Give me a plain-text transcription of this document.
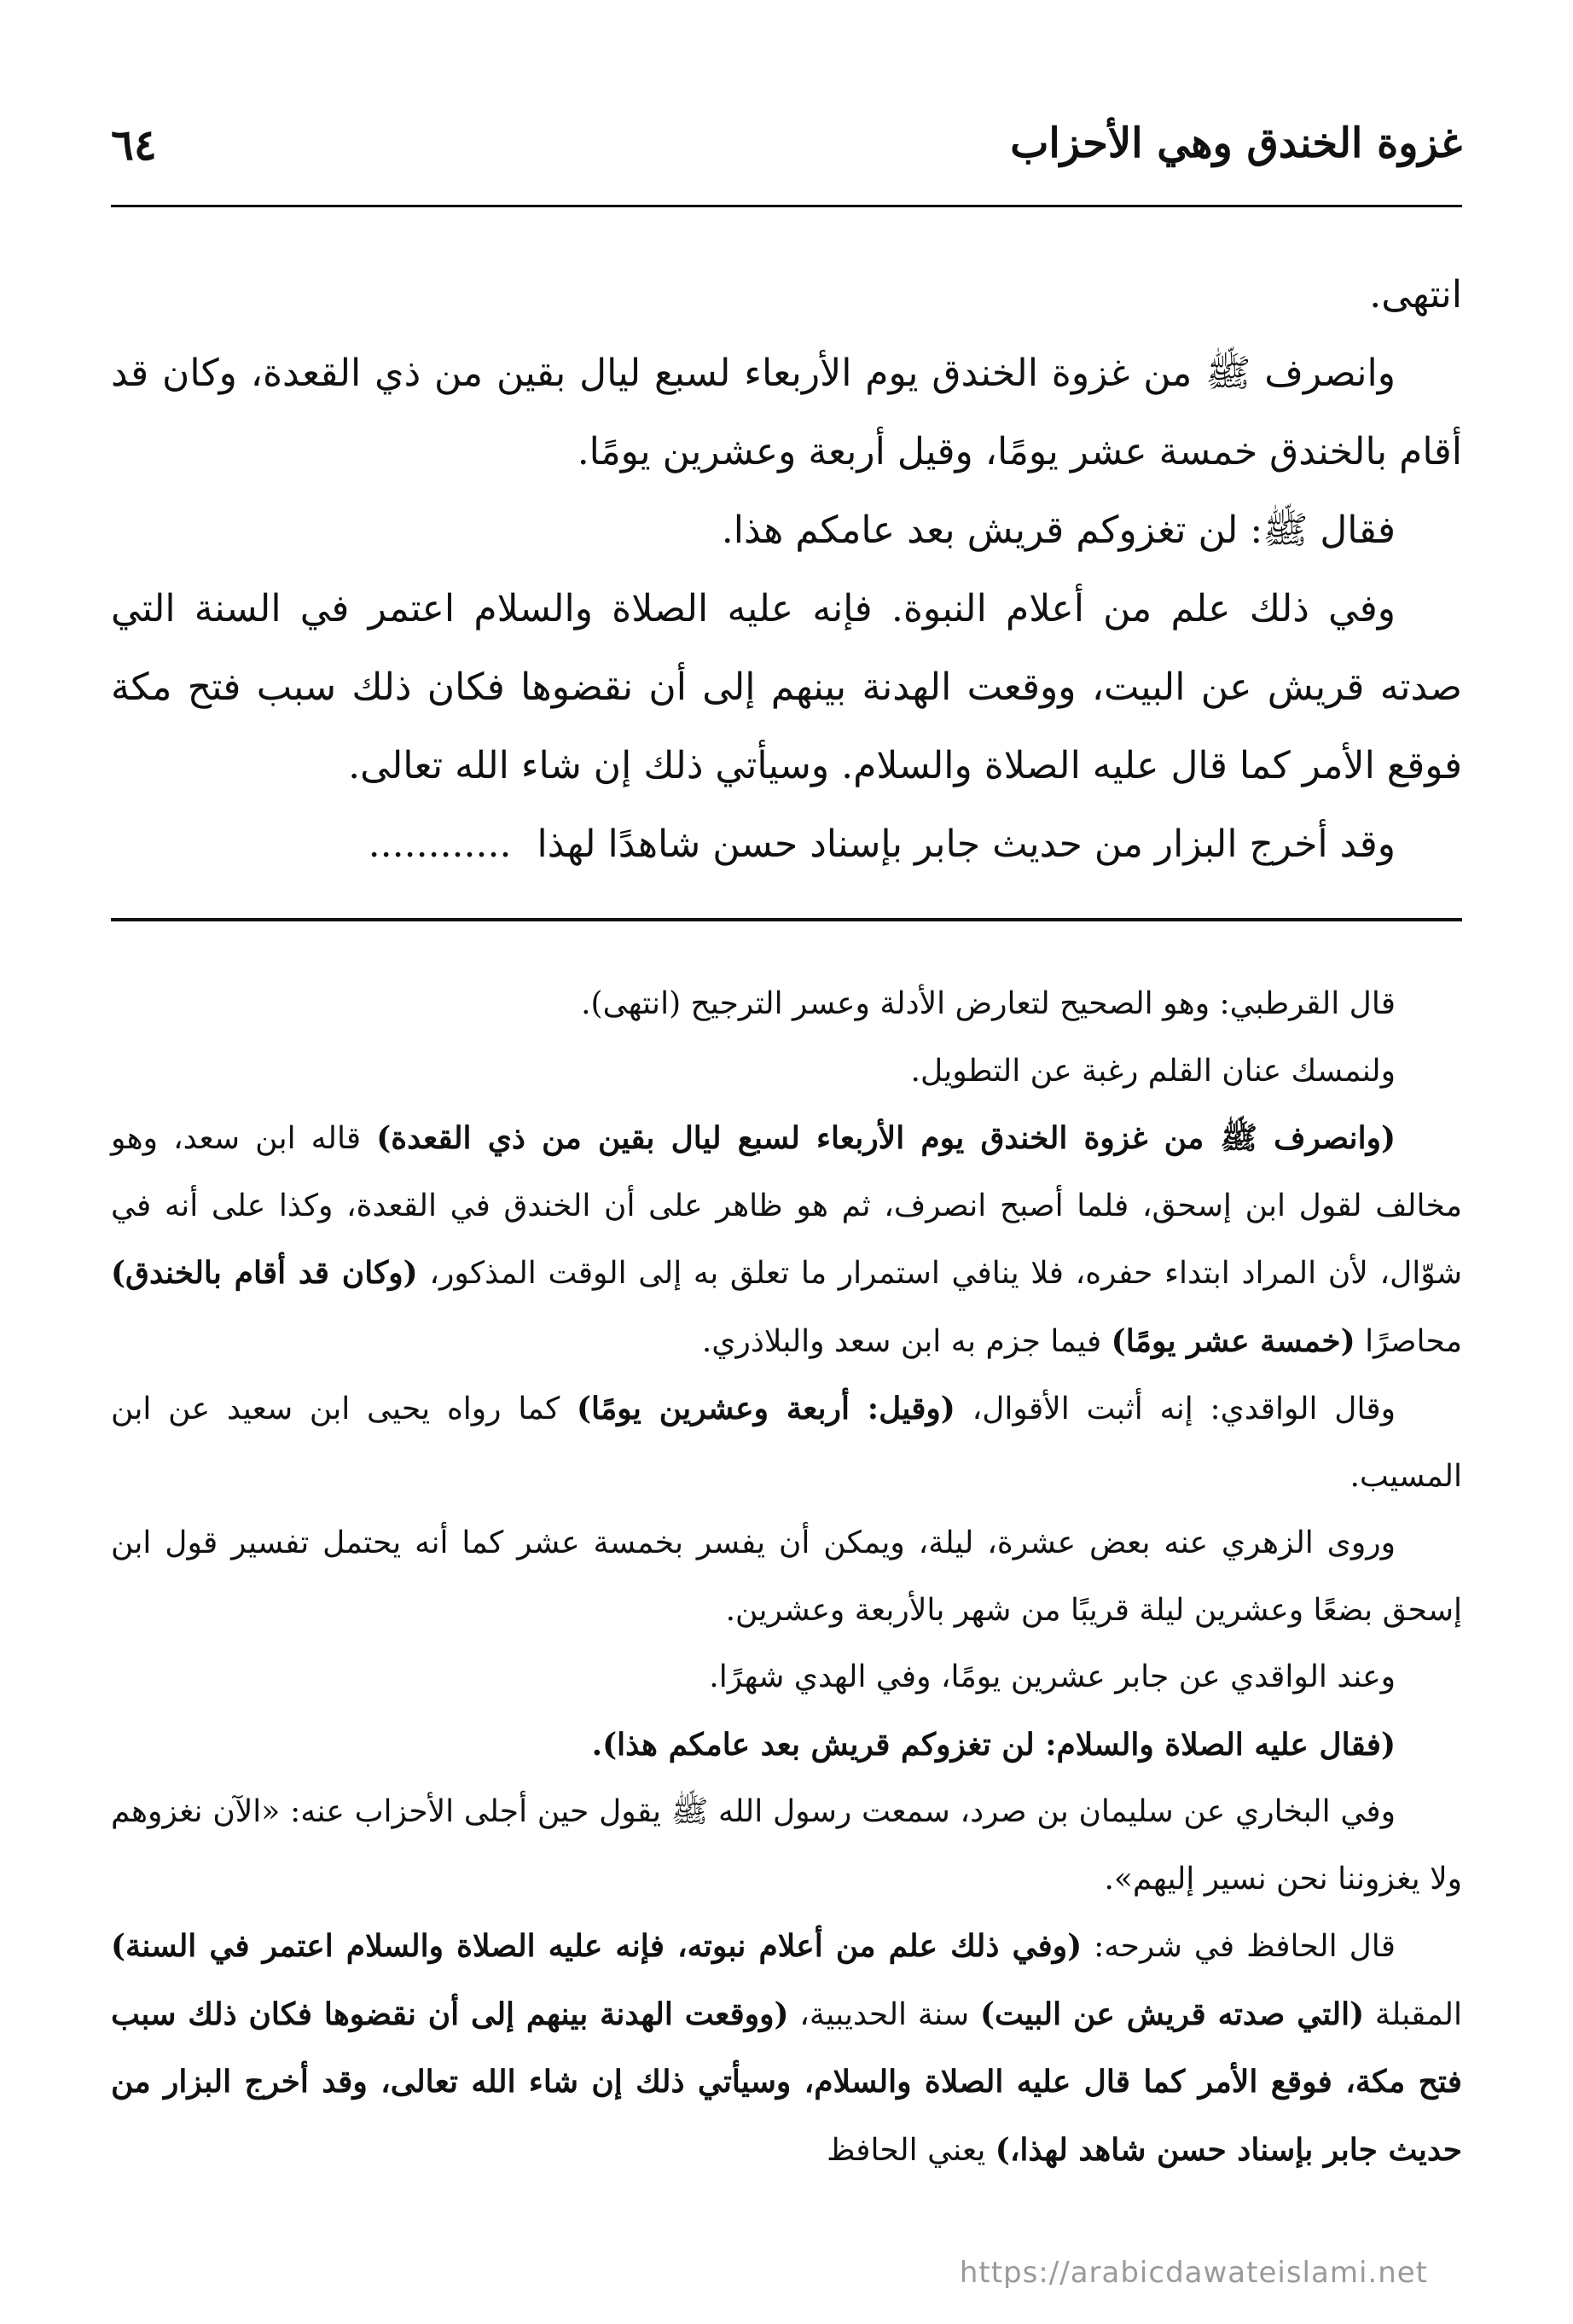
غزوة الخندق وهي الأحزاب
٦٤

انتهى.

وانصرف ﷺ من غزوة الخندق يوم الأربعاء لسبع ليال بقين من ذي القعدة، وكان قد أقام بالخندق خمسة عشر يومًا، وقيل أربعة وعشرين يومًا.

فقال ﷺ: لن تغزوكم قريش بعد عامكم هذا.

وفي ذلك علم من أعلام النبوة. فإنه عليه الصلاة والسلام اعتمر في السنة التي صدته قريش عن البيت، ووقعت الهدنة بينهم إلى أن نقضوها فكان ذلك سبب فتح مكة فوقع الأمر كما قال عليه الصلاة والسلام. وسيأتي ذلك إن شاء الله تعالى.

وقد أخرج البزار من حديث جابر بإسناد حسن شاهدًا لهذا............

قال القرطبي: وهو الصحيح لتعارض الأدلة وعسر الترجيح (انتهى).

ولنمسك عنان القلم رغبة عن التطويل.

(وانصرف ﷺ من غزوة الخندق يوم الأربعاء لسبع ليال بقين من ذي القعدة) قاله ابن سعد، وهو مخالف لقول ابن إسحق، فلما أصبح انصرف، ثم هو ظاهر على أن الخندق في القعدة، وكذا على أنه في شوّال، لأن المراد ابتداء حفره، فلا ينافي استمرار ما تعلق به إلى الوقت المذكور، (وكان قد أقام بالخندق) محاصرًا (خمسة عشر يومًا) فيما جزم به ابن سعد والبلاذري.

وقال الواقدي: إنه أثبت الأقوال، (وقيل: أربعة وعشرين يومًا) كما رواه يحيى ابن سعيد عن ابن المسيب.

وروى الزهري عنه بعض عشرة، ليلة، ويمكن أن يفسر بخمسة عشر كما أنه يحتمل تفسير قول ابن إسحق بضعًا وعشرين ليلة قريبًا من شهر بالأربعة وعشرين.

وعند الواقدي عن جابر عشرين يومًا، وفي الهدي شهرًا.

(فقال عليه الصلاة والسلام: لن تغزوكم قريش بعد عامكم هذا).

وفي البخاري عن سليمان بن صرد، سمعت رسول الله ﷺ يقول حين أجلى الأحزاب عنه: «الآن نغزوهم ولا يغزوننا نحن نسير إليهم».

قال الحافظ في شرحه: (وفي ذلك علم من أعلام نبوته، فإنه عليه الصلاة والسلام اعتمر في السنة) المقبلة (التي صدته قريش عن البيت) سنة الحديبية، (ووقعت الهدنة بينهم إلى أن نقضوها فكان ذلك سبب فتح مكة، فوقع الأمر كما قال عليه الصلاة والسلام، وسيأتي ذلك إن شاء الله تعالى، وقد أخرج البزار من حديث جابر بإسناد حسن شاهد لهذا،) يعني الحافظ

https://arabicdawateislami.net
